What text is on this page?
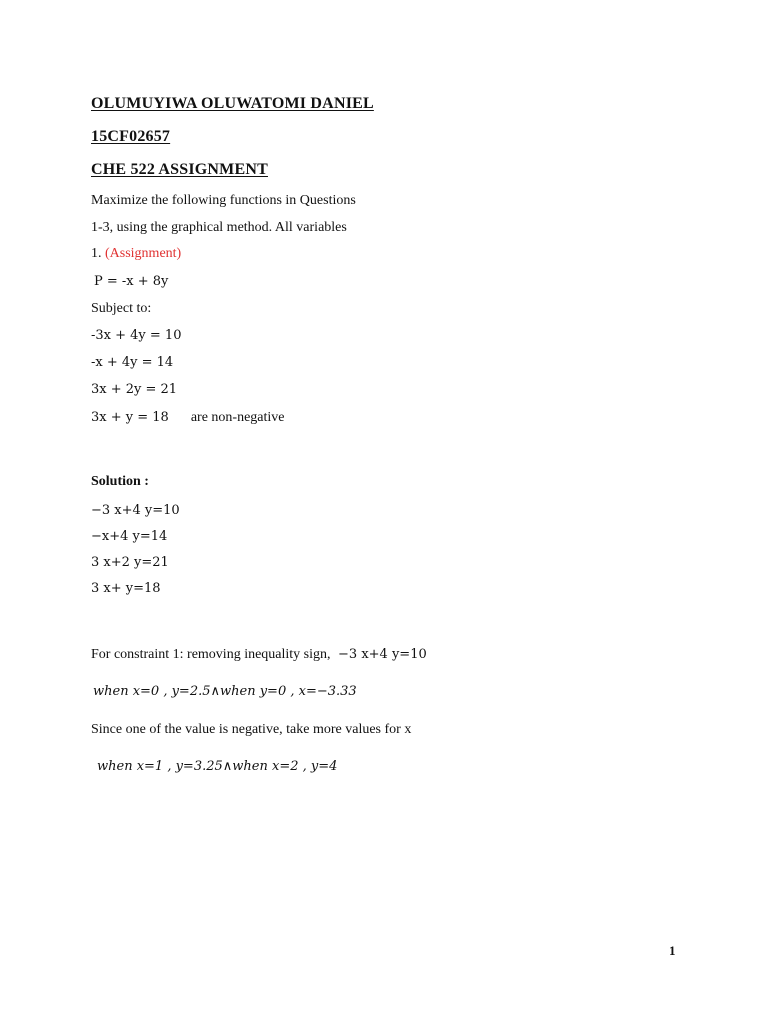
OLUMUYIWA OLUWATOMI DANIEL
15CF02657
CHE 522 ASSIGNMENT
Maximize the following functions in Questions
1-3, using the graphical method. All variables
1. (Assignment)
P = -x + 8y
Subject to:
-3x + 4y = 10
-x + 4y = 14
3x + 2y = 21
3x + y = 18 are non-negative
Solution :
−3 x+4 y=10
−x+4 y=14
3 x+2 y=21
3 x+ y=18
For constraint 1: removing inequality sign, −3 x+4 y=10
when x=0 , y=2.5∧when y=0 , x=−3.33
Since one of the value is negative, take more values for x
when x=1 , y=3.25∧when x=2 , y=4
1
